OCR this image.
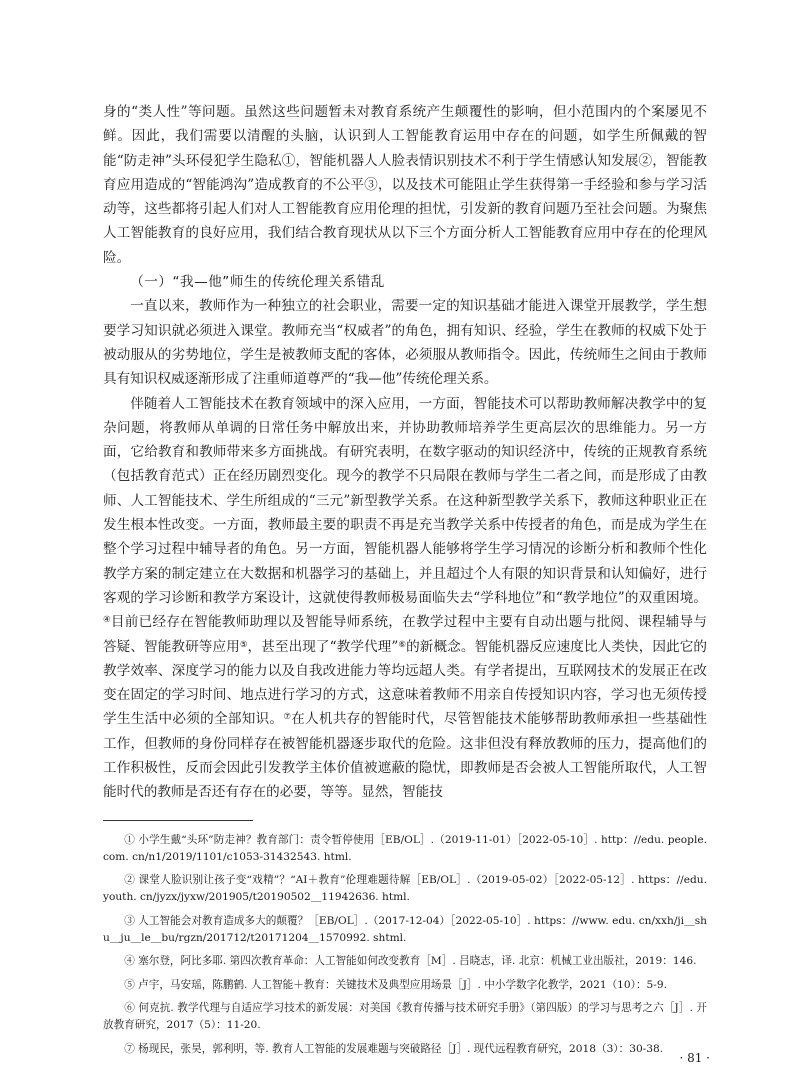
身的“类人性”等问题。虽然这些问题暂未对教育系统产生颠覆性的影响，但小范围内的个案屡见不鲜。因此，我们需要以清醒的头脑，认识到人工智能教育运用中存在的问题，如学生所佩戴的智能“防走神”头环侵犯学生隐私①，智能机器人人脸表情识别技术不利于学生情感认知发展②，智能教育应用造成的“智能鸿沟”造成教育的不公平③，以及技术可能阻止学生获得第一手经验和参与学习活动等，这些都将引起人们对人工智能教育应用伦理的担忧，引发新的教育问题乃至社会问题。为聚焦人工智能教育的良好应用，我们结合教育现状从以下三个方面分析人工智能教育应用中存在的伦理风险。

（一）“我—他”师生的传统伦理关系错乱

一直以来，教师作为一种独立的社会职业，需要一定的知识基础才能进入课堂开展教学，学生想要学习知识就必须进入课堂。教师充当“权威者”的角色，拥有知识、经验，学生在教师的权威下处于被动服从的劣势地位，学生是被教师支配的客体，必须服从教师指令。因此，传统师生之间由于教师具有知识权威逐渐形成了注重师道尊严的“我—他”传统伦理关系。

伴随着人工智能技术在教育领域中的深入应用，一方面，智能技术可以帮助教师解决教学中的复杂问题，将教师从单调的日常任务中解放出来，并协助教师培养学生更高层次的思维能力。另一方面，它给教育和教师带来多方面挑战。有研究表明，在数字驱动的知识经济中，传统的正规教育系统（包括教育范式）正在经历剧烈变化。现今的教学不只局限在教师与学生二者之间，而是形成了由教师、人工智能技术、学生所组成的“三元”新型教学关系。在这种新型教学关系下，教师这种职业正在发生根本性改变。一方面，教师最主要的职责不再是充当教学关系中传授者的角色，而是成为学生在整个学习过程中辅导者的角色。另一方面，智能机器人能够将学生学习情况的诊断分析和教师个性化教学方案的制定建立在大数据和机器学习的基础上，并且超过个人有限的知识背景和认知偏好，进行客观的学习诊断和教学方案设计，这就使得教师极易面临失去“学科地位”和“教学地位”的双重困境。④目前已经存在智能教师助理以及智能导师系统，在教学过程中主要有自动出题与批阅、课程辅导与答疑、智能教研等应用⑤，甚至出现了“教学代理”⑥的新概念。智能机器反应速度比人类快，因此它的教学效率、深度学习的能力以及自我改进能力等均远超人类。有学者提出，互联网技术的发展正在改变在固定的学习时间、地点进行学习的方式，这意味着教师不用亲自传授知识内容，学习也无须传授学生生活中必须的全部知识。⑦在人机共存的智能时代，尽管智能技术能够帮助教师承担一些基础性工作，但教师的身份同样存在被智能机器逐步取代的危险。这非但没有释放教师的压力，提高他们的工作积极性，反而会因此引发教学主体价值被遮蔽的隐忧，即教师是否会被人工智能所取代，人工智能时代的教师是否还有存在的必要，等等。显然，智能技

① 小学生戴“头环”防走神？教育部门：责令暂停使用［EB/OL］.（2019-11-01）［2022-05-10］. http：//edu. people. com. cn/n1/2019/1101/c1053-31432543. html.

② 课堂人脸识别让孩子变“戏精”？“AI＋教育”伦理难题待解［EB/OL］.（2019-05-02）［2022-05-12］. https：//edu. youth. cn/jyzx/jyxw/201905/t20190502＿11942636. html.

③ 人工智能会对教育造成多大的颠覆？［EB/OL］.（2017-12-04）［2022-05-10］. https：//www. edu. cn/xxh/ji＿shu＿ju＿le＿bu/rgzn/201712/t20171204＿1570992. shtml.

④ 塞尔登，阿比多耶. 第四次教育革命：人工智能如何改变教育［M］. 吕晓志，译. 北京：机械工业出版社，2019：146.

⑤ 卢宇，马安瑶，陈鹏鹤. 人工智能＋教育：关键技术及典型应用场景［J］. 中小学数字化教学，2021（10）：5-9.

⑥ 何克抗. 教学代理与自适应学习技术的新发展：对美国《教育传播与技术研究手册》（第四版）的学习与思考之六［J］. 开放教育研究，2017（5）：11-20.

⑦ 杨现民，张昊，郭利明，等. 教育人工智能的发展难题与突破路径［J］. 现代远程教育研究，2018（3）：30-38.

· 81 ·
